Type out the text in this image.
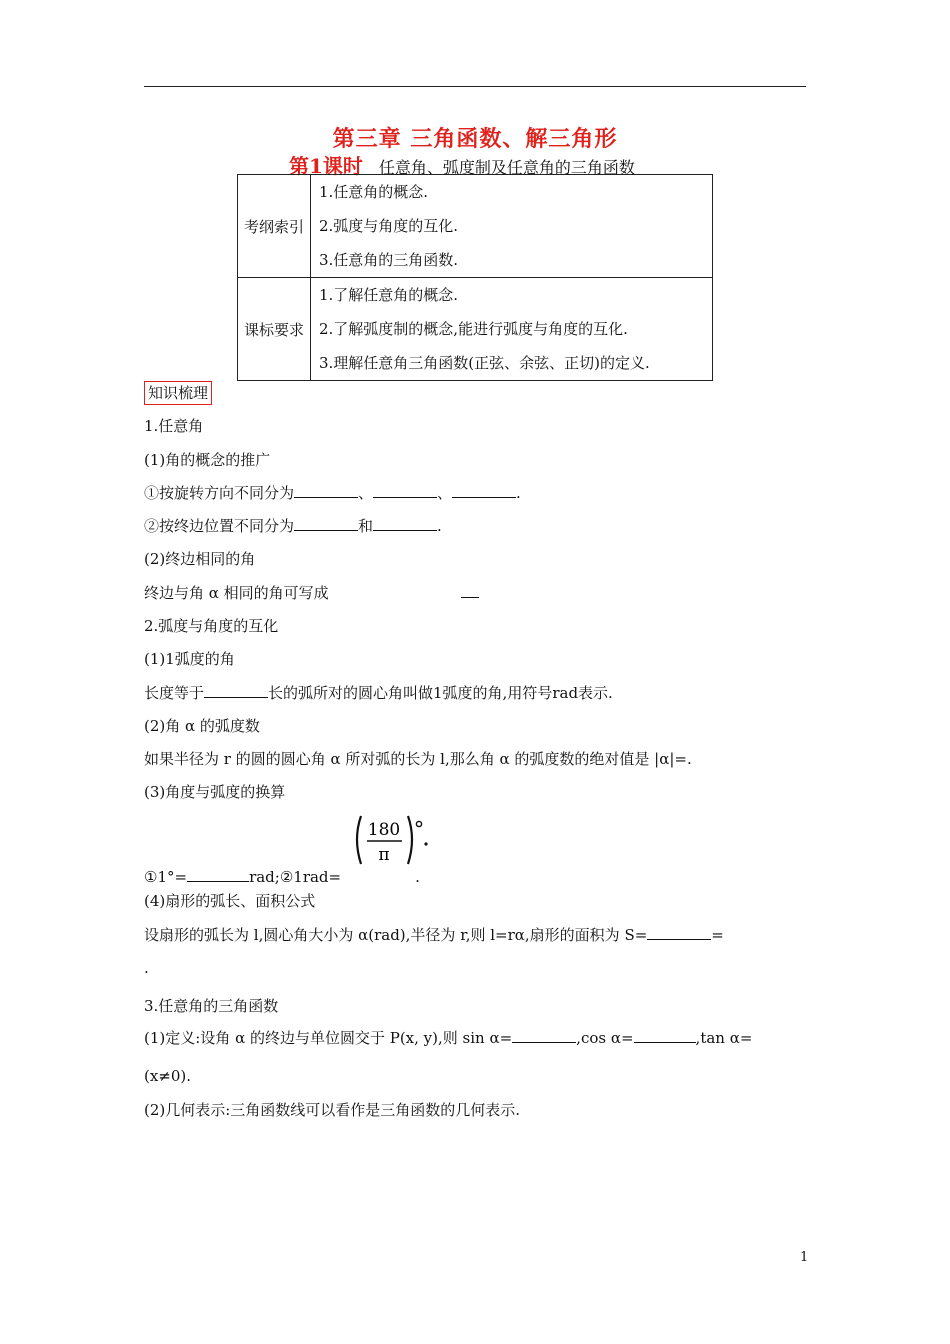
第三章 三角函数、解三角形
第1课时 任意角、弧度制及任意角的三角函数
考纲索引	1.任意角的概念.
2.弧度与角度的互化.
3.任意角的三角函数.

课标要求	1.了解任意角的概念.
2.了解弧度制的概念,能进行弧度与角度的互化.
3.理解任意角三角函数(正弦、余弦、正切)的定义.
知识梳理
1.任意角
(1)角的概念的推广
①按旋转方向不同分为	、	、	.
②按终边位置不同分为	和	.
(2)终边相同的角
终边与角 α 相同的角可写成
2.弧度与角度的互化
(1)1弧度的角
长度等于	长的弧所对的圆心角叫做1弧度的角,用符号rad表示.
(2)角 α 的弧度数
如果半径为 r 的圆的圆心角 α 所对弧的长为 l,那么角 α 的弧度数的绝对值是 |α|=.
(3)角度与弧度的换算
180
π
①1°=	rad;②1rad=	.
(4)扇形的弧长、面积公式
设扇形的弧长为 l,圆心角大小为 α(rad),半径为 r,则 l=rα,扇形的面积为 S=	=
.
3.任意角的三角函数
(1)定义:设角 α 的终边与单位圆交于 P(x, y),则 sin α=	,cos α=	,tan α=
(x≠0).
(2)几何表示:三角函数线可以看作是三角函数的几何表示.
1
